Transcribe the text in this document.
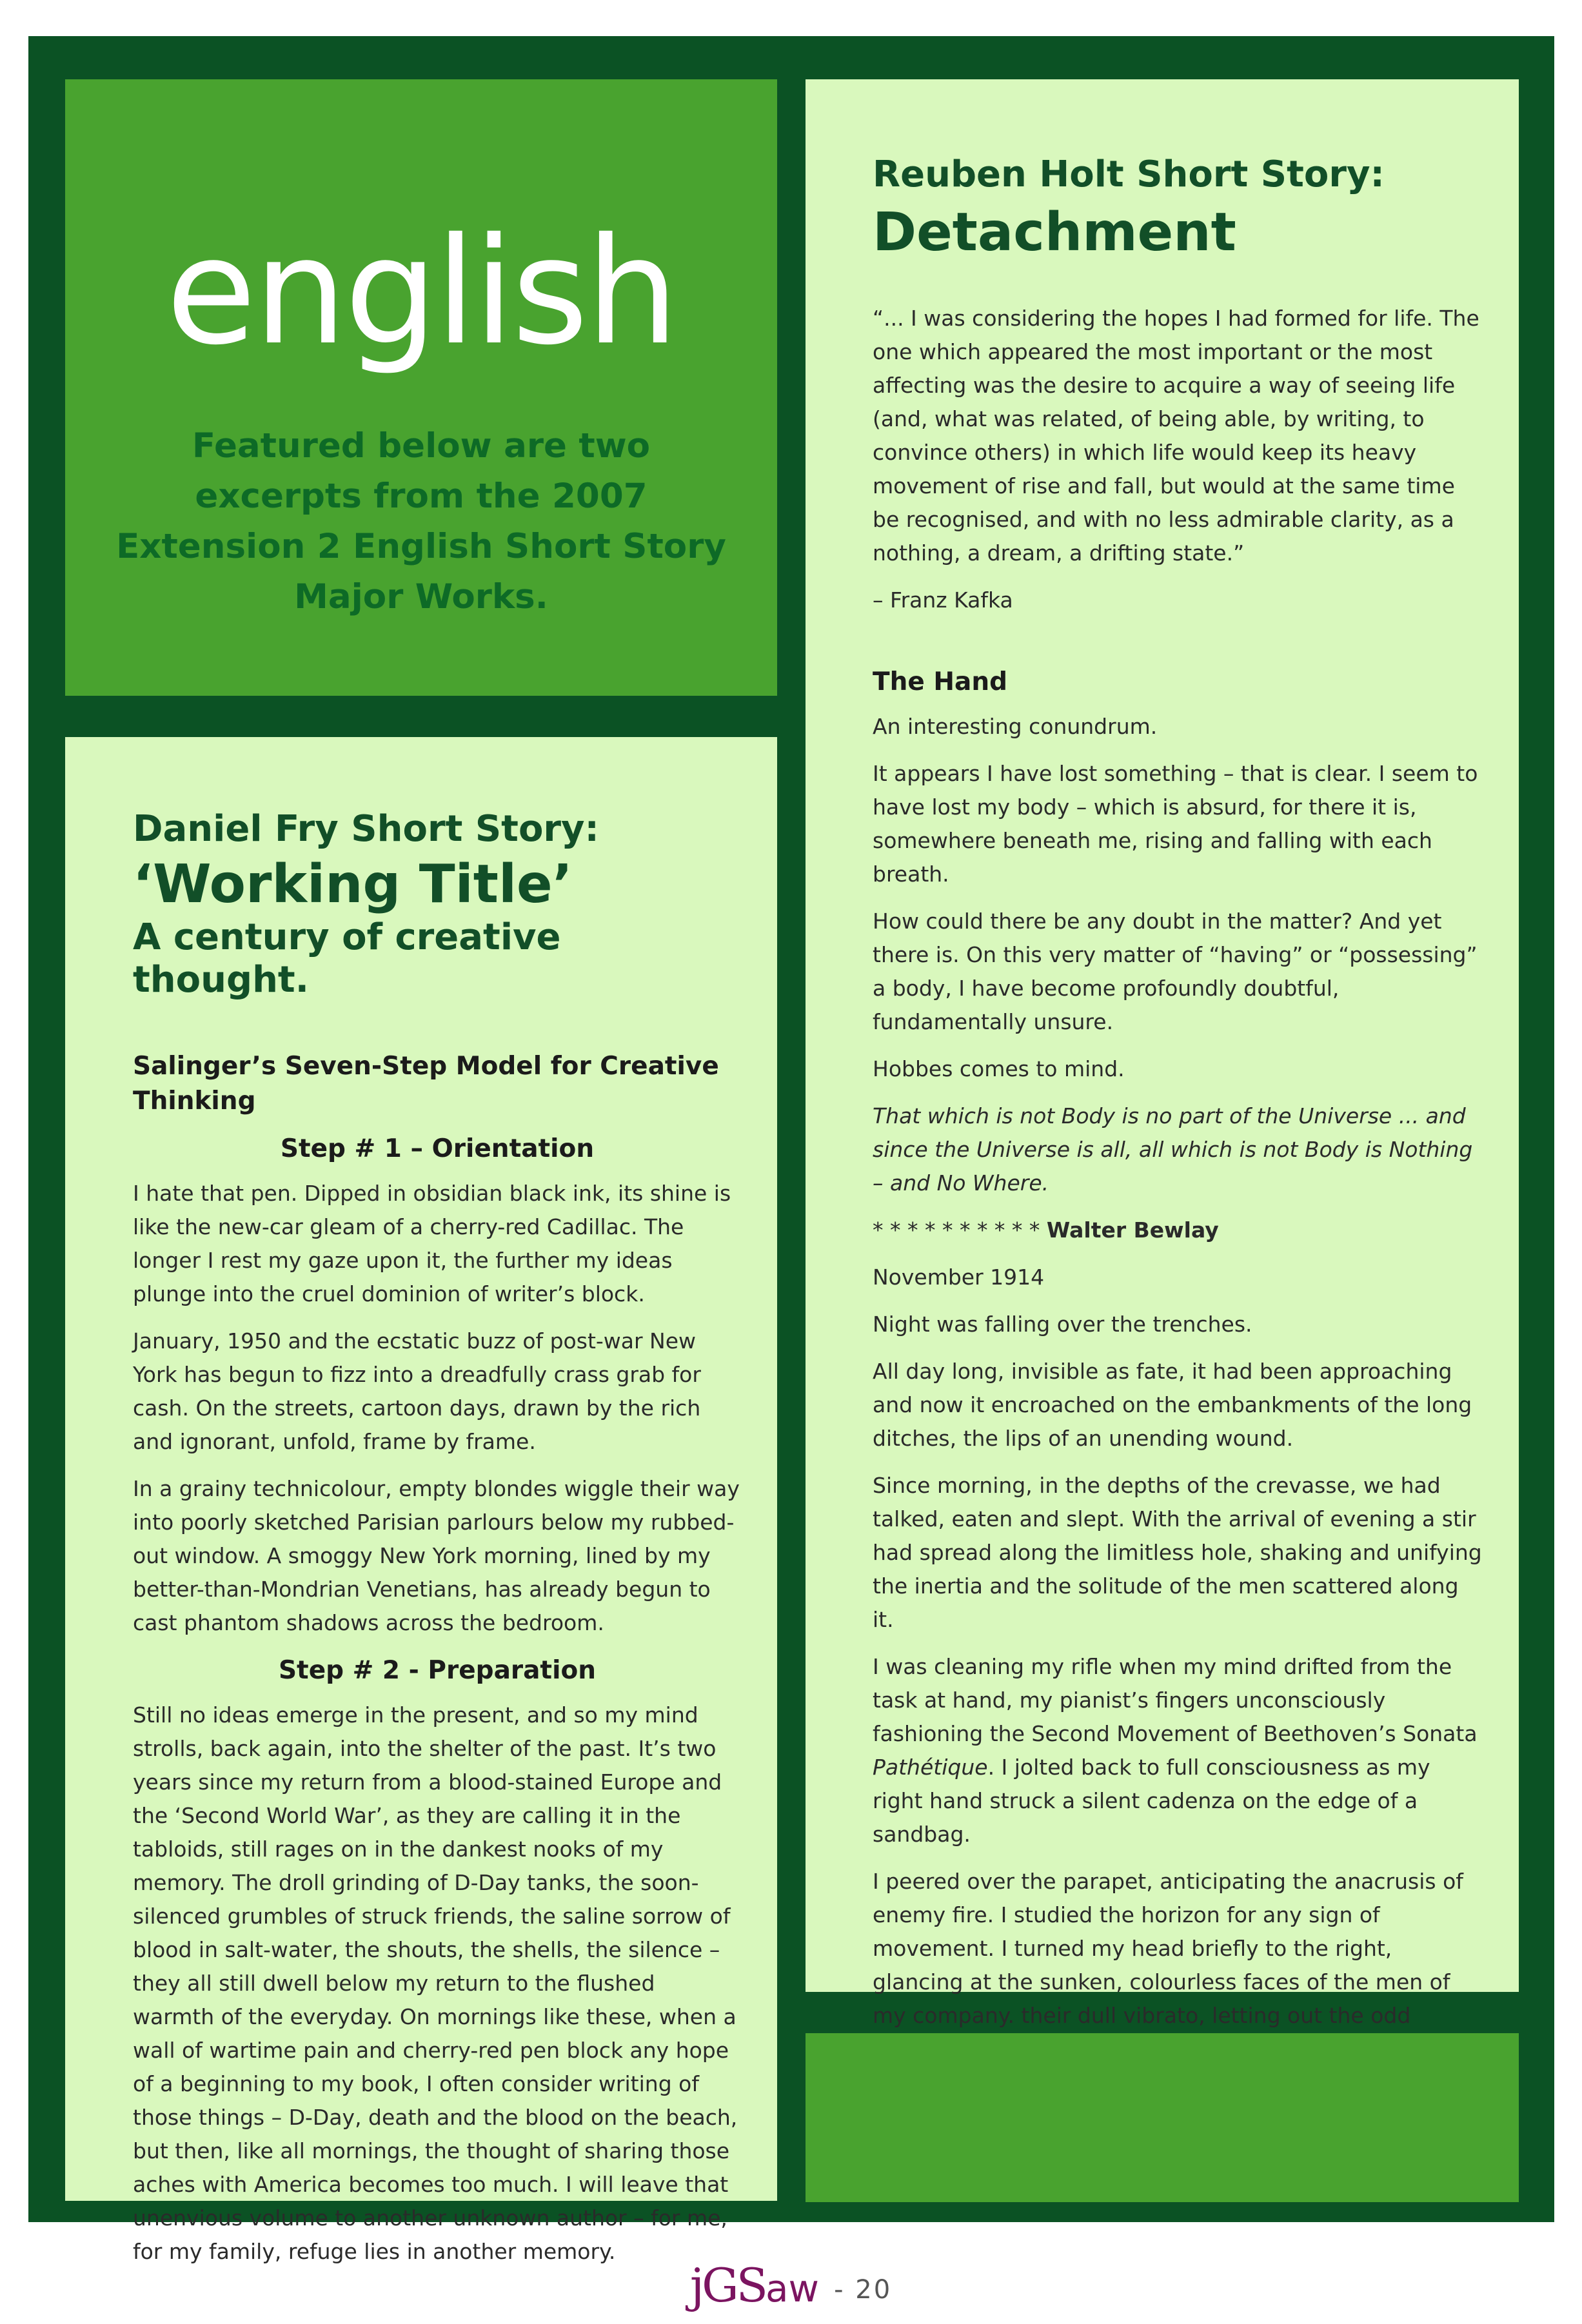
english
Featured below are two excerpts from the 2007 Extension 2 English Short Story Major Works.
Daniel Fry Short Story:
‘Working Title’
A century of creative thought.
Salinger’s Seven-Step Model for Creative Thinking
Step # 1 – Orientation

I hate that pen. Dipped in obsidian black ink, its shine is like the new-car gleam of a cherry-red Cadillac. The longer I rest my gaze upon it, the further my ideas plunge into the cruel dominion of writer’s block.

January, 1950 and the ecstatic buzz of post-war New York has begun to fizz into a dreadfully crass grab for cash. On the streets, cartoon days, drawn by the rich and ignorant, unfold, frame by frame.

In a grainy technicolour, empty blondes wiggle their way into poorly sketched Parisian parlours below my rubbed-out window. A smoggy New York morning, lined by my better-than-Mondrian Venetians, has already begun to cast phantom shadows across the bedroom.

Step # 2 - Preparation

Still no ideas emerge in the present, and so my mind strolls, back again, into the shelter of the past. It’s two years since my return from a blood-stained Europe and the ‘Second World War’, as they are calling it in the tabloids, still rages on in the dankest nooks of my memory. The droll grinding of D-Day tanks, the soon-silenced grumbles of struck friends, the saline sorrow of blood in salt-water, the shouts, the shells, the silence – they all still dwell below my return to the flushed warmth of the everyday. On mornings like these, when a wall of wartime pain and cherry-red pen block any hope of a beginning to my book, I often consider writing of those things – D-Day, death and the blood on the beach, but then, like all mornings, the thought of sharing those aches with America becomes too much. I will leave that unenvious volume to another unknown author – for me, for my family, refuge lies in another memory.

Reuben Holt Short Story:
Detachment

“... I was considering the hopes I had formed for life. The one which appeared the most important or the most affecting was the desire to acquire a way of seeing life (and, what was related, of being able, by writing, to convince others) in which life would keep its heavy movement of rise and fall, but would at the same time be recognised, and with no less admirable clarity, as a nothing, a dream, a drifting state.”

– Franz Kafka

The Hand

An interesting conundrum.

It appears I have lost something – that is clear. I seem to have lost my body – which is absurd, for there it is, somewhere beneath me, rising and falling with each breath.

How could there be any doubt in the matter? And yet there is. On this very matter of “having” or “possessing” a body, I have become profoundly doubtful, fundamentally unsure.

Hobbes comes to mind.

That which is not Body is no part of the Universe ... and since the Universe is all, all which is not Body is Nothing – and No Where.

* * * * * * * * * * Walter Bewlay

November 1914

Night was falling over the trenches.

All day long, invisible as fate, it had been approaching and now it encroached on the embankments of the long ditches, the lips of an unending wound.

Since morning, in the depths of the crevasse, we had talked, eaten and slept. With the arrival of evening a stir had spread along the limitless hole, shaking and unifying the inertia and the solitude of the men scattered along it.

I was cleaning my rifle when my mind drifted from the task at hand, my pianist’s fingers unconsciously fashioning the Second Movement of Beethoven’s Sonata Pathétique. I jolted back to full consciousness as my right hand struck a silent cadenza on the edge of a sandbag.

I peered over the parapet, anticipating the anacrusis of enemy fire. I studied the horizon for any sign of movement. I turned my head briefly to the right, glancing at the sunken, colourless faces of the men of my company. their dull vibrato, letting out the odd

jGSaw - 20
